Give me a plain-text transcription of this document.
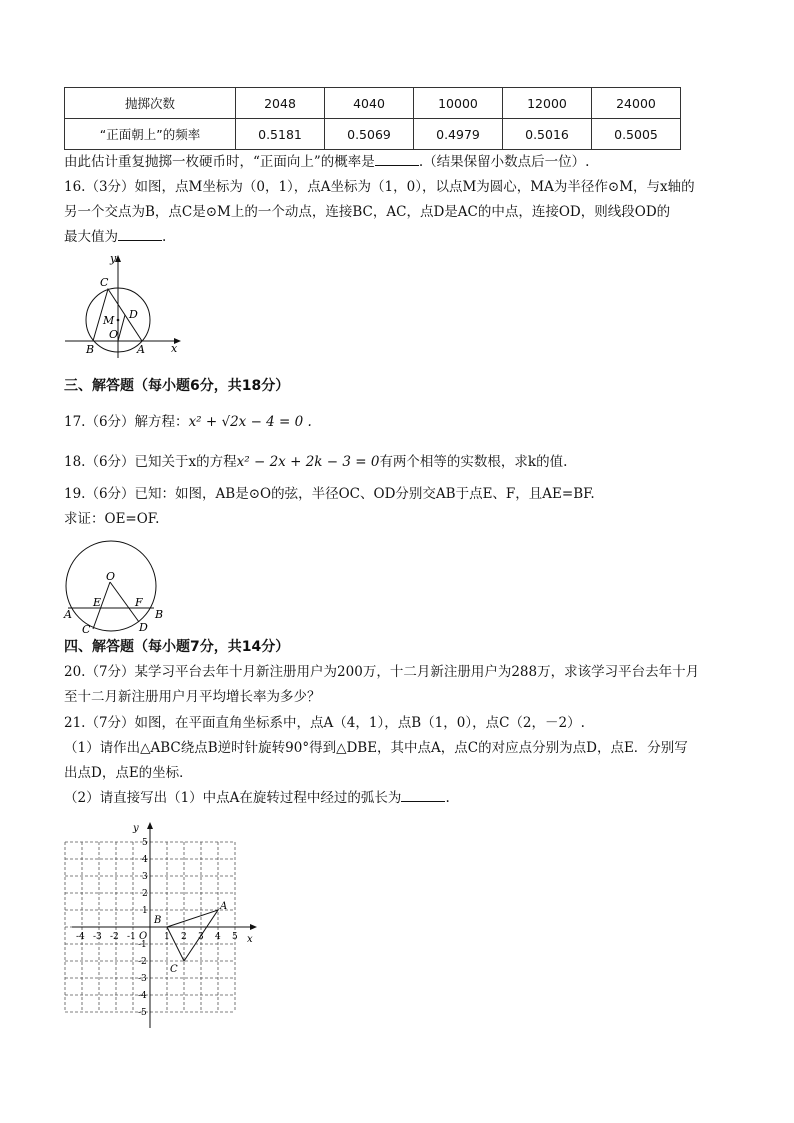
抛掷次数	2048	4040	10000	12000	24000
“正面朝上”的频率	0.5181	0.5069	0.4979	0.5016	0.5005
由此估计重复抛掷一枚硬币时，“正面向上”的概率是	.（结果保留小数点后一位）.
16.（3分）如图，点M坐标为（0，1），点A坐标为（1，0），以点M为圆心，MA为半径作⊙M，与x轴的
另一个交点为B，点C是⊙M上的一个动点，连接BC，AC，点D是AC的中点，连接OD，则线段OD的
最大值为	.
x
y
C
M
O
D
B	A
三、解答题（每小题6分，共18分）
17.（6分）解方程：x² + √2x − 4 = 0 .
18.（6分）已知关于x的方程x² − 2x + 2k − 3 = 0有两个相等的实数根，求k的值.
19.（6分）已知：如图，AB是⊙O的弦，半径OC、OD分别交AB于点E、F，且AE=BF.
求证：OE=OF.
O
A
E	F
B
C	D
四、解答题（每小题7分，共14分）
20.（7分）某学习平台去年十月新注册用户为200万，十二月新注册用户为288万，求该学习平台去年十月
至十二月新注册用户月平均增长率为多少？
21.（7分）如图，在平面直角坐标系中，点A（4，1），点B（1，0），点C（2，－2）.
（1）请作出△ABC绕点B逆时针旋转90°得到△DBE，其中点A，点C的对应点分别为点D，点E．分别写
出点D，点E的坐标．
（2）请直接写出（1）中点A在旋转过程中经过的弧长为	.
x
y
O
A
B
C
-4 -3 -2 -1	1 2 3 4 5
5
4
3
2
1
-1
-2
-3
-4
-5
